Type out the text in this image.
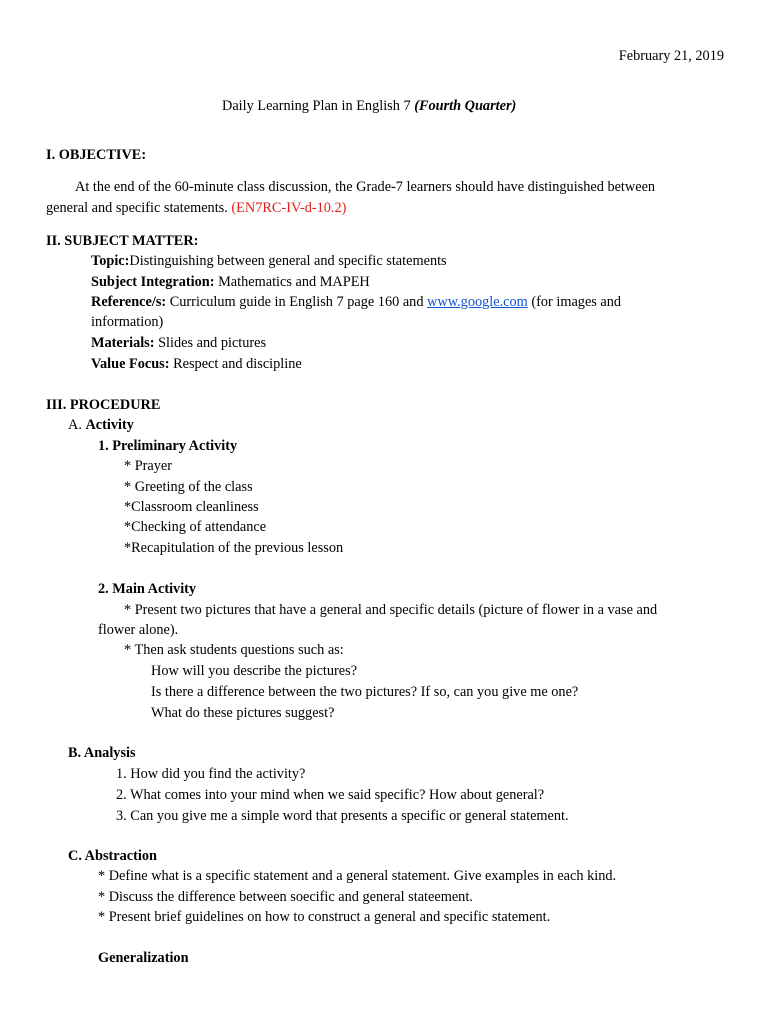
February 21, 2019
Daily Learning Plan in English 7 (Fourth Quarter)
I. OBJECTIVE:
At the end of the 60-minute class discussion, the Grade-7 learners should have distinguished between
general and specific statements. (EN7RC-IV-d-10.2)
II. SUBJECT MATTER:
Topic:Distinguishing between general and specific statements
Subject Integration: Mathematics and MAPEH
Reference/s: Curriculum guide in English 7 page 160 and www.google.com (for images and
information)
Materials: Slides and pictures
Value Focus: Respect and discipline
III. PROCEDURE
A. Activity
1. Preliminary Activity
* Prayer
* Greeting of the class
*Classroom cleanliness
*Checking of attendance
*Recapitulation of the previous lesson
2. Main Activity
* Present two pictures that have a general and specific details (picture of flower in a vase and
flower alone).
* Then ask students questions such as:
How will you describe the pictures?
Is there a difference between the two pictures? If so, can you give me one?
What do these pictures suggest?
B. Analysis
1. How did you find the activity?
2. What comes into your mind when we said specific? How about general?
3. Can you give me a simple word that presents a specific or general statement.
C. Abstraction
* Define what is a specific statement and a general statement. Give examples in each kind.
* Discuss the difference between soecific and general stateement.
* Present brief guidelines on how to construct a general and specific statement.
Generalization
